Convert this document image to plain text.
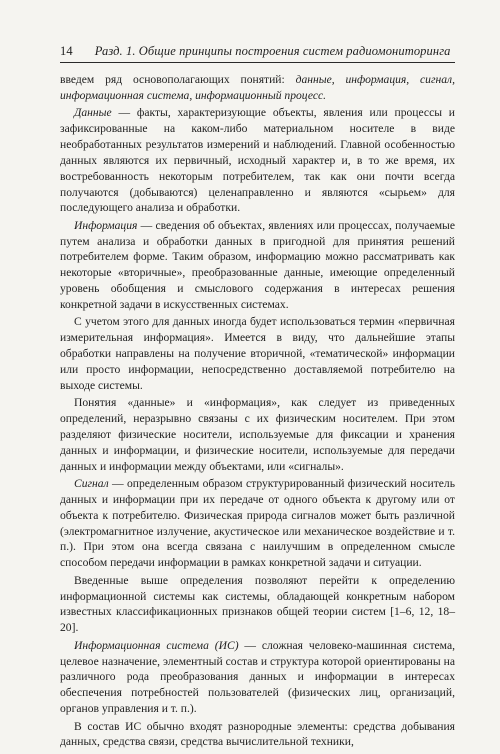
14 Разд. 1. Общие принципы построения систем радиомониторинга

введем ряд основополагающих понятий: данные, информация, сигнал, информационная система, информационный процесс.

Данные — факты, характеризующие объекты, явления или процессы и зафиксированные на каком-либо материальном носителе в виде необработанных результатов измерений и наблюдений. Главной особенностью данных являются их первичный, исходный характер и, в то же время, их востребованность некоторым потребителем, так как они почти всегда получаются (добываются) целенаправленно и являются «сырьем» для последующего анализа и обработки.

Информация — сведения об объектах, явлениях или процессах, получаемые путем анализа и обработки данных в пригодной для принятия решений потребителем форме. Таким образом, информацию можно рассматривать как некоторые «вторичные», преобразованные данные, имеющие определенный уровень обобщения и смыслового содержания в интересах решения конкретной задачи в искусственных системах.

С учетом этого для данных иногда будет использоваться термин «первичная измерительная информация». Имеется в виду, что дальнейшие этапы обработки направлены на получение вторичной, «тематической» информации или просто информации, непосредственно доставляемой потребителю на выходе системы.

Понятия «данные» и «информация», как следует из приведенных определений, неразрывно связаны с их физическим носителем. При этом разделяют физические носители, используемые для фиксации и хранения данных и информации, и физические носители, используемые для передачи данных и информации между объектами, или «сигналы».

Сигнал — определенным образом структурированный физический носитель данных и информации при их передаче от одного объекта к другому или от объекта к потребителю. Физическая природа сигналов может быть различной (электромагнитное излучение, акустическое или механическое воздействие и т. п.). При этом она всегда связана с наилучшим в определенном смысле способом передачи информации в рамках конкретной задачи и ситуации.

Введенные выше определения позволяют перейти к определению информационной системы как системы, обладающей конкретным набором известных классификационных признаков общей теории систем [1–6, 12, 18–20].

Информационная система (ИС) — сложная человеко-машинная система, целевое назначение, элементный состав и структура которой ориентированы на различного рода преобразования данных и информации в интересах обеспечения потребностей пользователей (физических лиц, организаций, органов управления и т. п.).

В состав ИС обычно входят разнородные элементы: средства добывания данных, средства связи, средства вычислительной техники,
